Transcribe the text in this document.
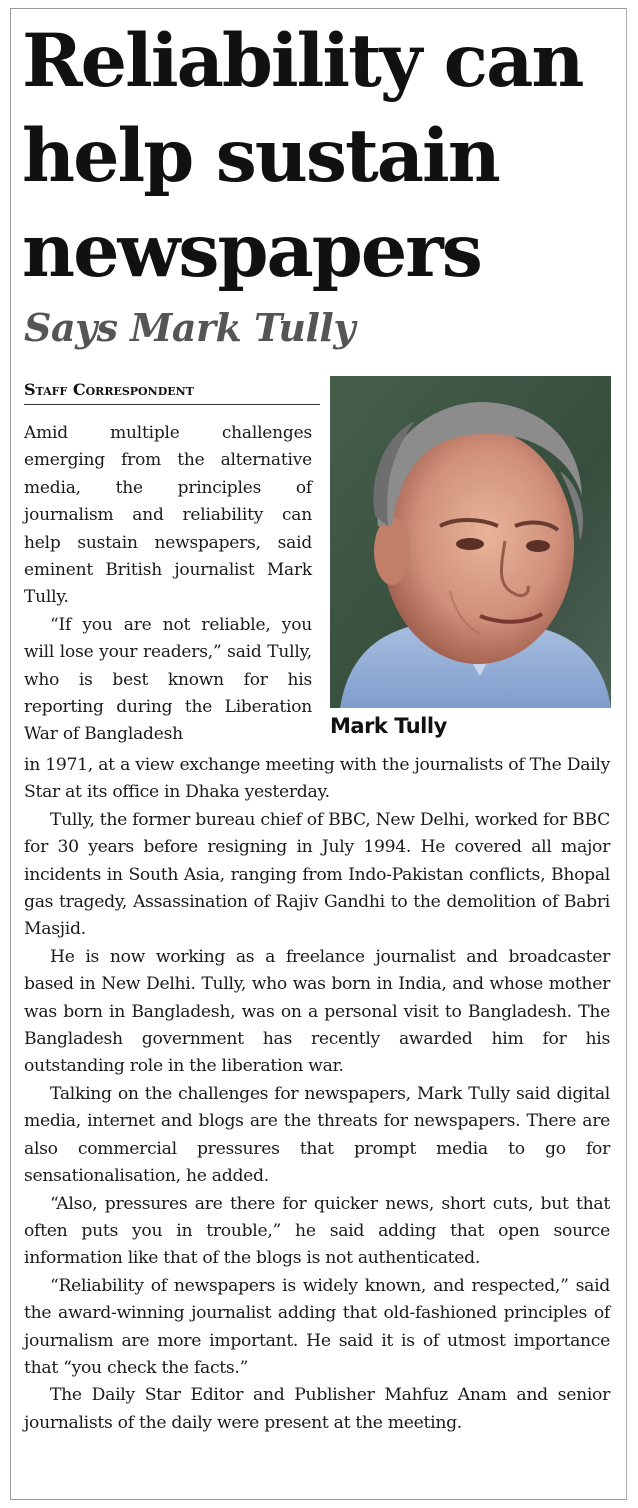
Reliability can help sustain newspapers
Says Mark Tully
Staff Correspondent
Mark Tully

Amid multiple challenges emerging from the alternative media, the principles of journalism and reliability can help sustain newspapers, said eminent British journalist Mark Tully.

“If you are not reliable, you will lose your readers,” said Tully, who is best known for his reporting during the Liberation War of Bangladesh

in 1971, at a view exchange meeting with the journalists of The Daily Star at its office in Dhaka yesterday.

Tully, the former bureau chief of BBC, New Delhi, worked for BBC for 30 years before resigning in July 1994. He covered all major incidents in South Asia, ranging from Indo-Pakistan conflicts, Bhopal gas tragedy, Assassination of Rajiv Gandhi to the demolition of Babri Masjid.

He is now working as a freelance journalist and broadcaster based in New Delhi. Tully, who was born in India, and whose mother was born in Bangladesh, was on a personal visit to Bangladesh. The Bangladesh government has recently awarded him for his outstanding role in the liberation war.

Talking on the challenges for newspapers, Mark Tully said digital media, internet and blogs are the threats for newspapers. There are also commercial pressures that prompt media to go for sensationalisation, he added.

“Also, pressures are there for quicker news, short cuts, but that often puts you in trouble,” he said adding that open source information like that of the blogs is not authenticated.

“Reliability of newspapers is widely known, and respected,” said the award-winning journalist adding that old-fashioned principles of journalism are more important. He said it is of utmost importance that “you check the facts.”

The Daily Star Editor and Publisher Mahfuz Anam and senior journalists of the daily were present at the meeting.
